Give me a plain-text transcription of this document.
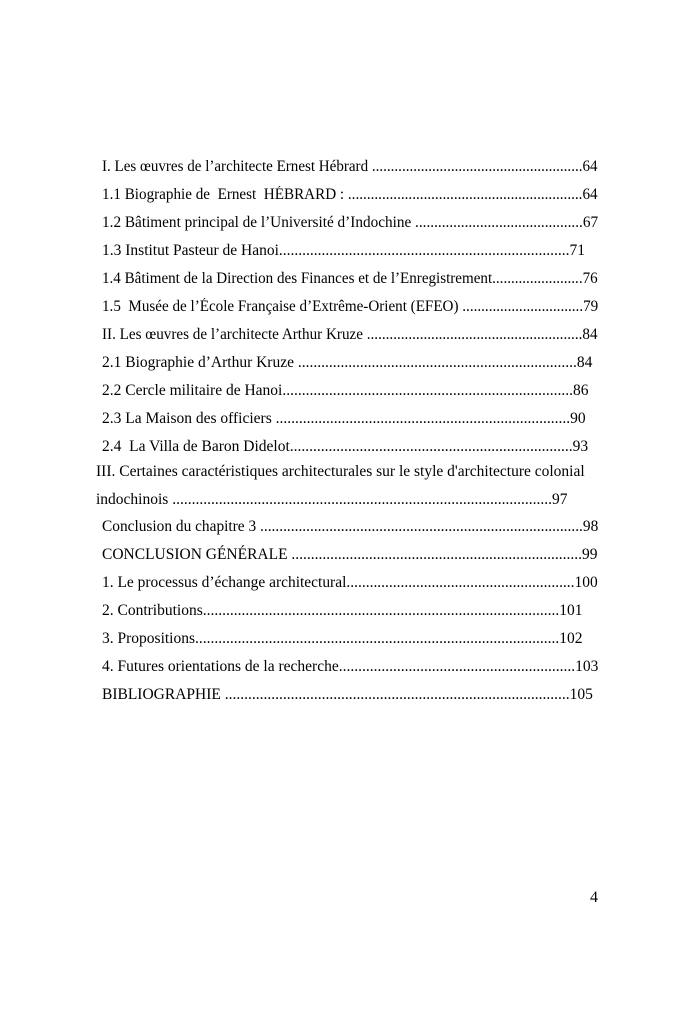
I. Les œuvres de l’architecte Ernest Hébrard ........................................................64
1.1 Biographie de  Ernest  HÉBRARD : ..............................................................64
1.2 Bâtiment principal de l’Université d’Indochine ............................................67
1.3 Institut Pasteur de Hanoi...........................................................................71
1.4 Bâtiment de la Direction des Finances et de l’Enregistrement........................76
1.5  Musée de l’École Française d’Extrême-Orient (EFEO) ................................79
II. Les œuvres de l’architecte Arthur Kruze .........................................................84
2.1 Biographie d’Arthur Kruze ........................................................................84
2.2 Cercle militaire de Hanoi...........................................................................86
2.3 La Maison des officiers ............................................................................90
2.4  La Villa de Baron Didelot.........................................................................93
III. Certaines caractéristiques architecturales sur le style d'architecture colonial
indochinois ..................................................................................................97
Conclusion du chapitre 3 ....................................................................................98
CONCLUSION GÉNÉRALE ...........................................................................99
1. Le processus d’échange architectural...........................................................100
2. Contributions............................................................................................101
3. Propositions..............................................................................................102
4. Futures orientations de la recherche.............................................................103
BIBLIOGRAPHIE .........................................................................................105
4
